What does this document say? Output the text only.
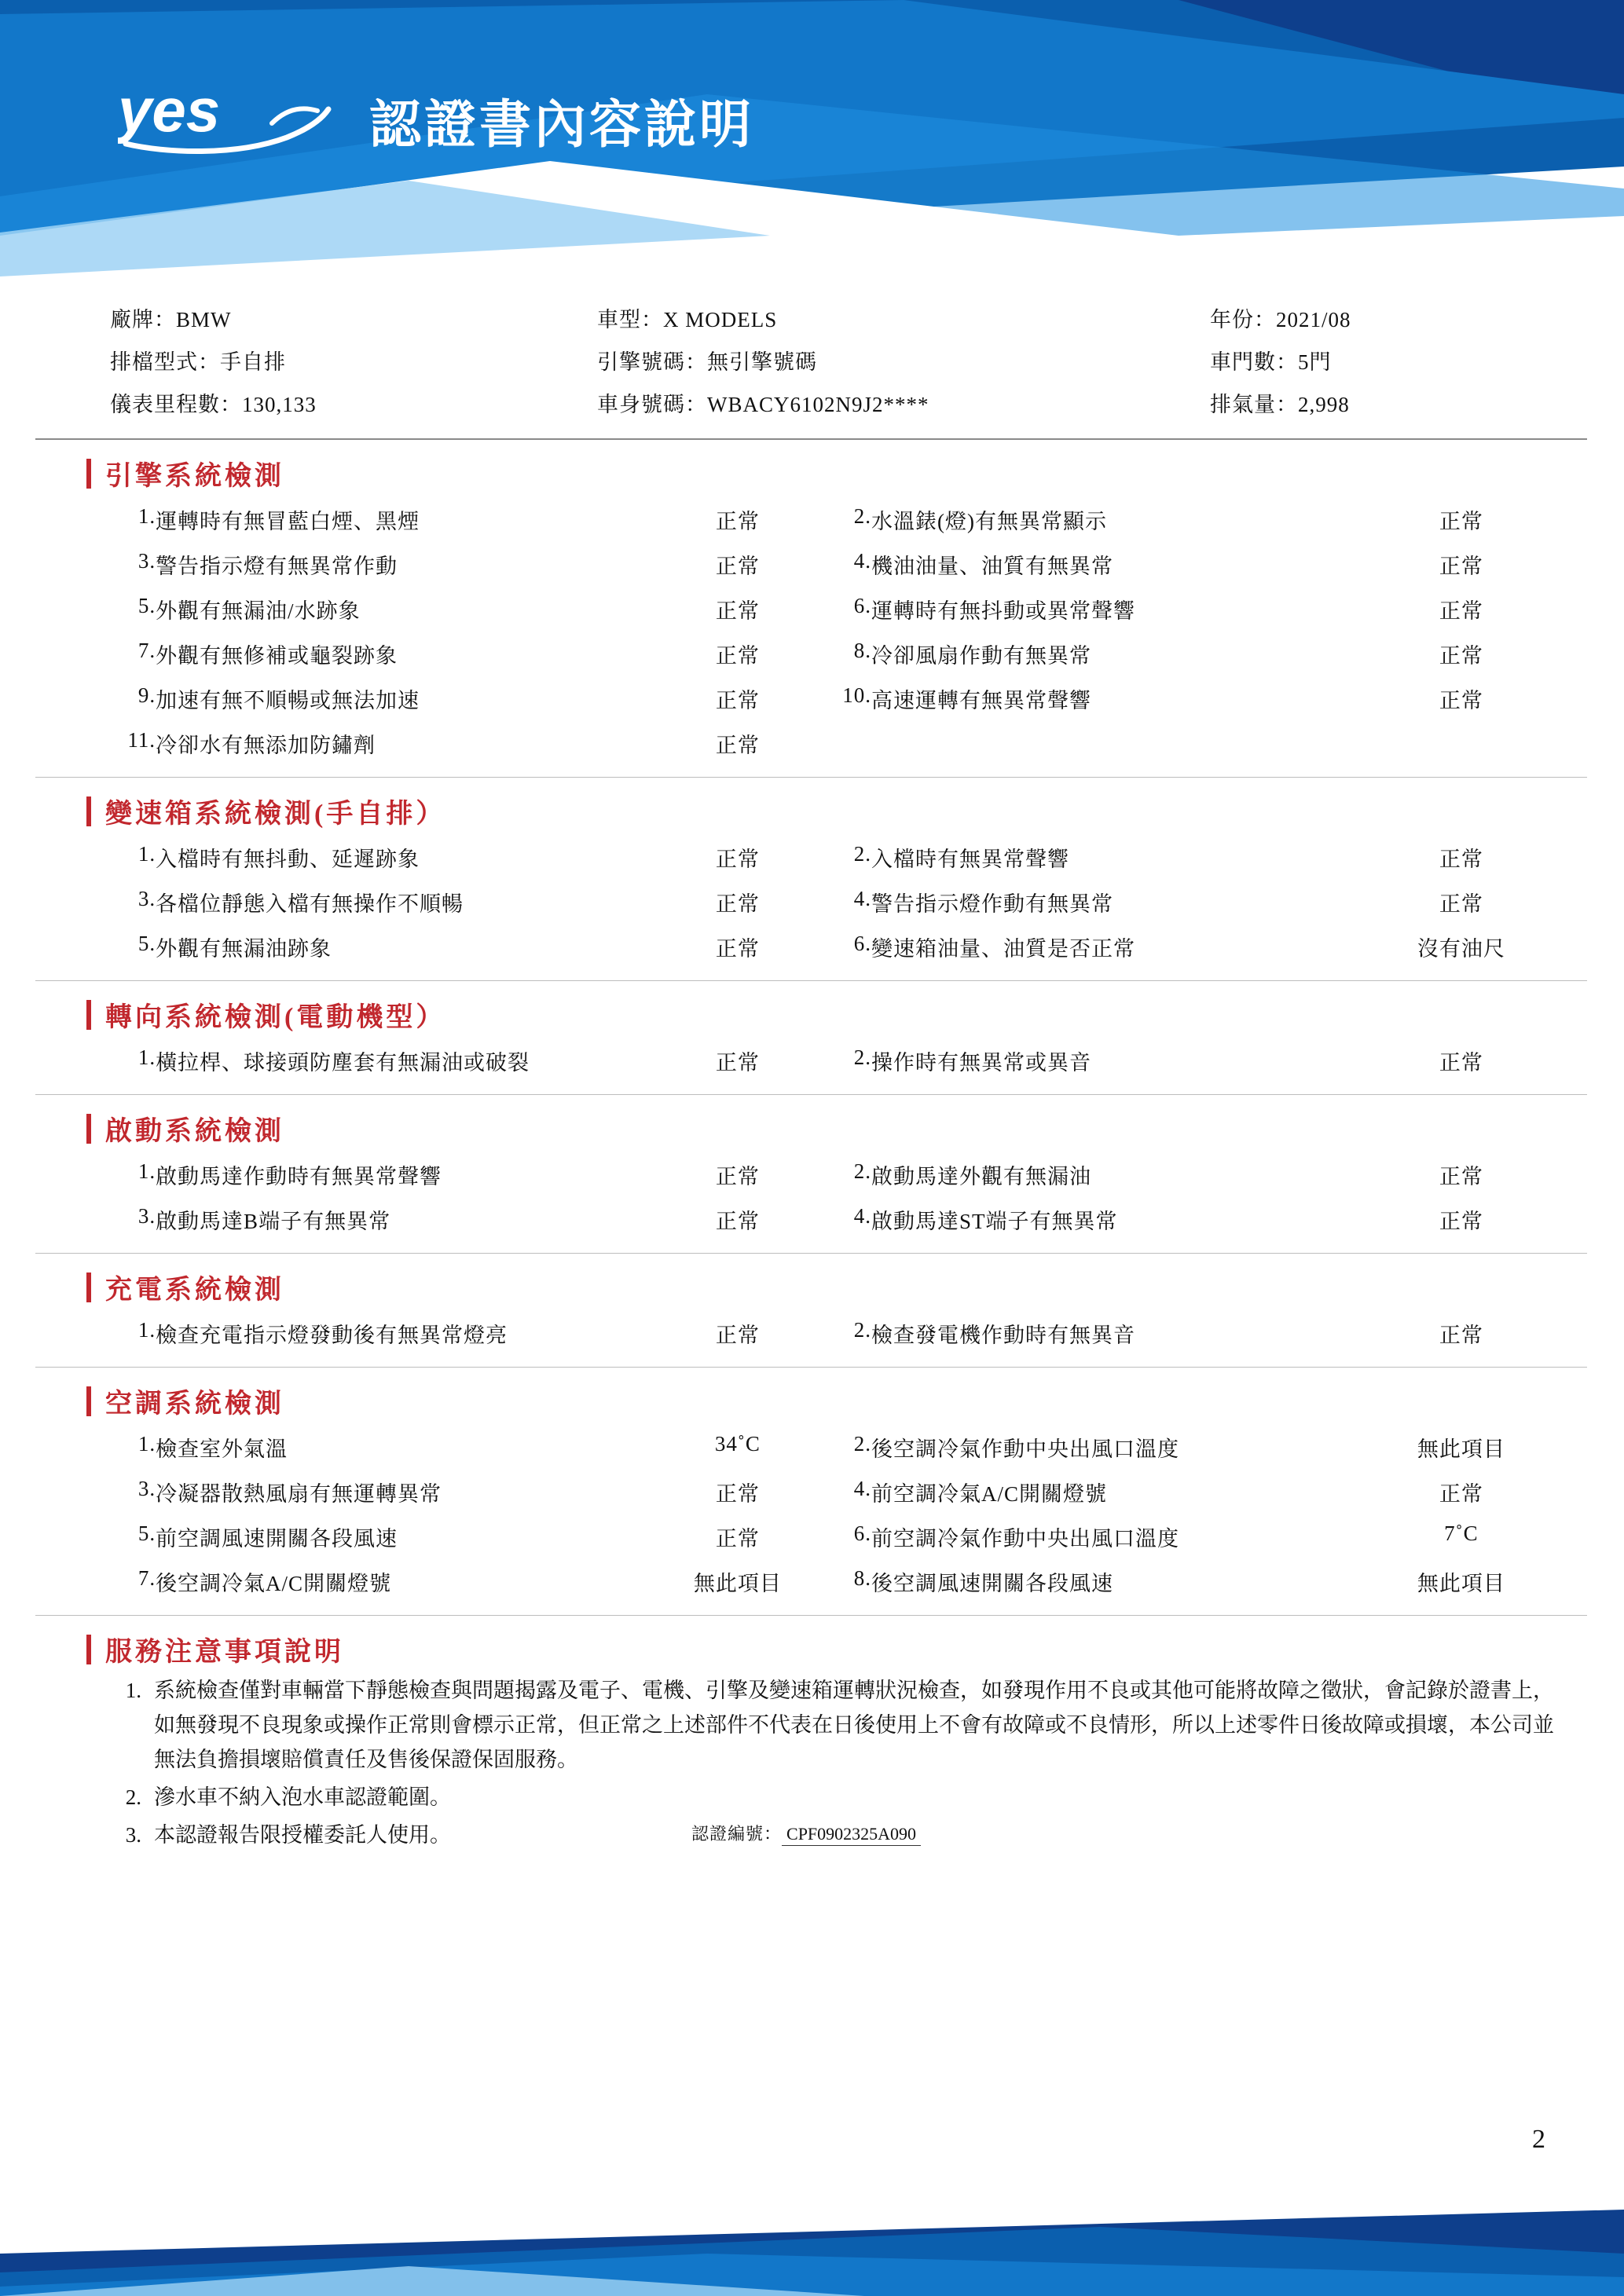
yes	認證書內容說明
廠牌：BMW	車型：X MODELS	年份：2021/08
排檔型式：手自排	引擎號碼：無引擎號碼	車門數：5門
儀表里程數：130,133	車身號碼：WBACY6102N9J2****	排氣量：2,998
引擎系統檢測
1.	運轉時有無冒藍白煙、黑煙	正常	2.	水溫錶(燈)有無異常顯示	正常
3.	警告指示燈有無異常作動	正常	4.	機油油量、油質有無異常	正常
5.	外觀有無漏油/水跡象	正常	6.	運轉時有無抖動或異常聲響	正常
7.	外觀有無修補或龜裂跡象	正常	8.	冷卻風扇作動有無異常	正常
9.	加速有無不順暢或無法加速	正常	10.	高速運轉有無異常聲響	正常
11.	冷卻水有無添加防鏽劑	正常			
變速箱系統檢測(手自排）
1.	入檔時有無抖動、延遲跡象	正常	2.	入檔時有無異常聲響	正常
3.	各檔位靜態入檔有無操作不順暢	正常	4.	警告指示燈作動有無異常	正常
5.	外觀有無漏油跡象	正常	6.	變速箱油量、油質是否正常	沒有油尺
轉向系統檢測(電動機型）
1.	橫拉桿、球接頭防塵套有無漏油或破裂	正常	2.	操作時有無異常或異音	正常
啟動系統檢測
1.	啟動馬達作動時有無異常聲響	正常	2.	啟動馬達外觀有無漏油	正常
3.	啟動馬達B端子有無異常	正常	4.	啟動馬達ST端子有無異常	正常
充電系統檢測
1.	檢查充電指示燈發動後有無異常燈亮	正常	2.	檢查發電機作動時有無異音	正常
空調系統檢測
1.	檢查室外氣溫	34˚C	2.	後空調冷氣作動中央出風口溫度	無此項目
3.	冷凝器散熱風扇有無運轉異常	正常	4.	前空調冷氣A/C開關燈號	正常
5.	前空調風速開關各段風速	正常	6.	前空調冷氣作動中央出風口溫度	7˚C
7.	後空調冷氣A/C開關燈號	無此項目	8.	後空調風速開關各段風速	無此項目
服務注意事項說明
1. 系統檢查僅對車輛當下靜態檢查與問題揭露及電子、電機、引擎及變速箱運轉狀況檢查，如發現作用不良或其他可能將故障之徵狀，會記錄於證書上，如無發現不良現象或操作正常則會標示正常，但正常之上述部件不代表在日後使用上不會有故障或不良情形，所以上述零件日後故障或損壞，本公司並無法負擔損壞賠償責任及售後保證保固服務。
2. 滲水車不納入泡水車認證範圍。
3. 本認證報告限授權委託人使用。	認證編號： CPF0902325A090
2
